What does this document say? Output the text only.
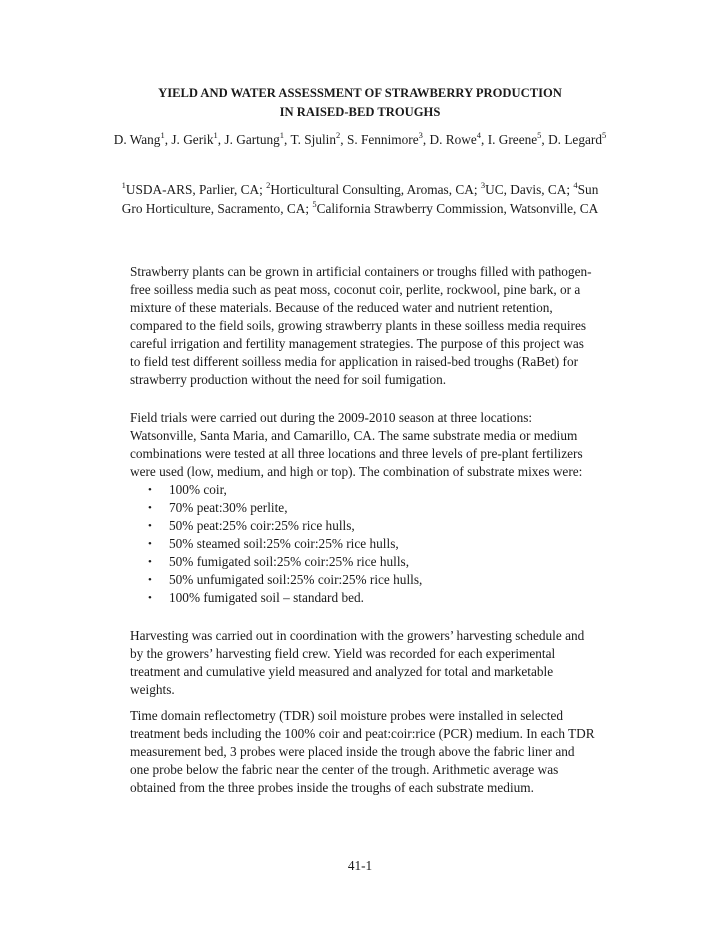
YIELD AND WATER ASSESSMENT OF STRAWBERRY PRODUCTION
IN RAISED-BED TROUGHS
D. Wang$^1$, J. Gerik$^1$, J. Gartung$^1$, T. Sjulin$^2$, S. Fennimore$^3$, D. Rowe$^4$, I. Greene$^5$, D. Legard$^5$
$^1$USDA-ARS, Parlier, CA; $^2$Horticultural Consulting, Aromas, CA; $^3$UC, Davis, CA; $^4$Sun Gro Horticulture, Sacramento, CA; $^5$California Strawberry Commission, Watsonville, CA

Strawberry plants can be grown in artificial containers or troughs filled with pathogen-free soilless media such as peat moss, coconut coir, perlite, rockwool, pine bark, or a mixture of these materials. Because of the reduced water and nutrient retention, compared to the field soils, growing strawberry plants in these soilless media requires careful irrigation and fertility management strategies. The purpose of this project was to field test different soilless media for application in raised-bed troughs (RaBet) for strawberry production without the need for soil fumigation.

Field trials were carried out during the 2009-2010 season at three locations: Watsonville, Santa Maria, and Camarillo, CA. The same substrate media or medium combinations were tested at all three locations and three levels of pre-plant fertilizers were used (low, medium, and high or top). The combination of substrate mixes were:

• 100% coir,
• 70% peat:30% perlite,
• 50% peat:25% coir:25% rice hulls,
• 50% steamed soil:25% coir:25% rice hulls,
• 50% fumigated soil:25% coir:25% rice hulls,
• 50% unfumigated soil:25% coir:25% rice hulls,
• 100% fumigated soil – standard bed.

Harvesting was carried out in coordination with the growers’ harvesting schedule and by the growers’ harvesting field crew. Yield was recorded for each experimental treatment and cumulative yield measured and analyzed for total and marketable weights.

Time domain reflectometry (TDR) soil moisture probes were installed in selected treatment beds including the 100% coir and peat:coir:rice (PCR) medium. In each TDR measurement bed, 3 probes were placed inside the trough above the fabric liner and one probe below the fabric near the center of the trough. Arithmetic average was obtained from the three probes inside the troughs of each substrate medium.

41-1
